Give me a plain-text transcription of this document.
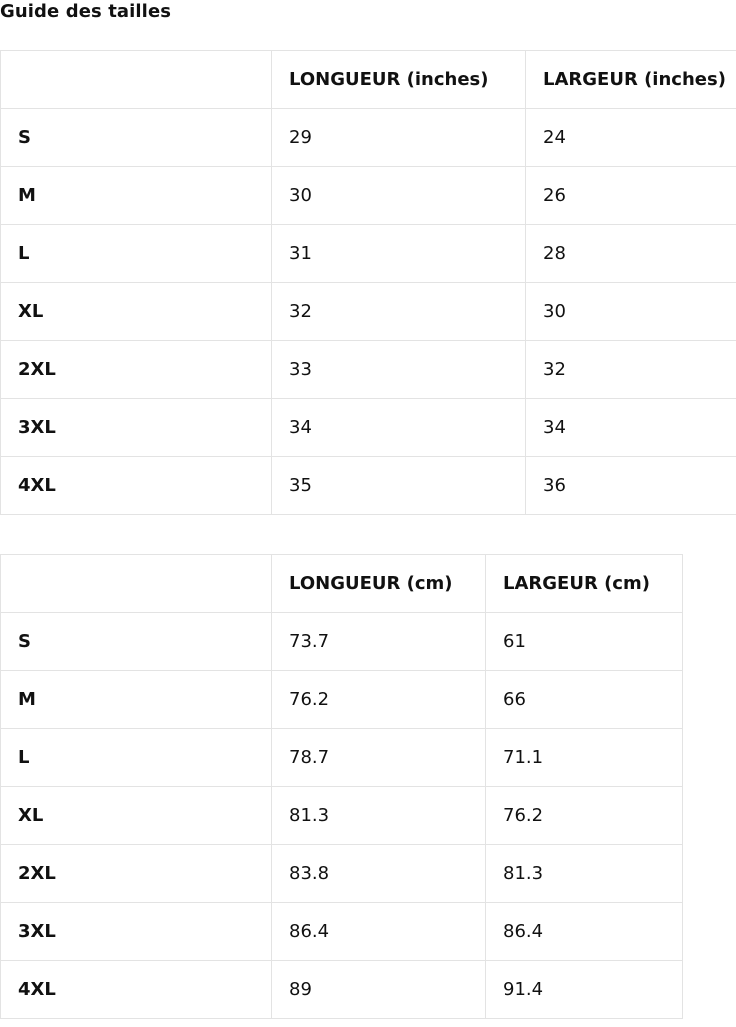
Guide des tailles
	LONGUEUR (inches)	LARGEUR (inches)
S	29	24
M	30	26
L	31	28
XL	32	30
2XL	33	32
3XL	34	34
4XL	35	36
	LONGUEUR (cm)	LARGEUR (cm)
S	73.7	61
M	76.2	66
L	78.7	71.1
XL	81.3	76.2
2XL	83.8	81.3
3XL	86.4	86.4
4XL	89	91.4
